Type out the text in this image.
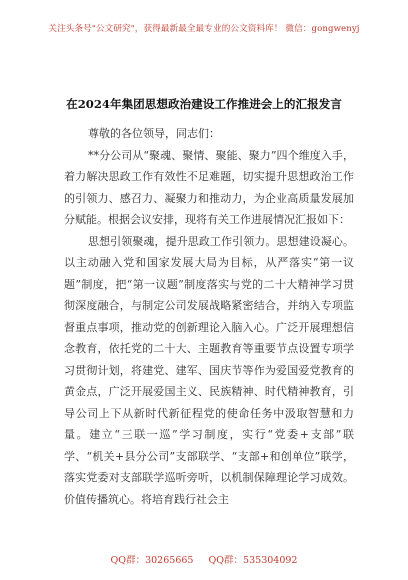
关注头条号"公文研究"，获得最新最全最专业的公文资料库！ 微信：gongwenyj
在2024年集团思想政治建设工作推进会上的汇报发言

尊敬的各位领导，同志们：

**分公司从“聚魂、聚情、聚能、聚力”四个维度入手，着力解决思政工作有效性不足难题，切实提升思想政治工作的引领力、感召力、凝聚力和推动力，为企业高质量发展加分赋能。根据会议安排，现将有关工作进展情况汇报如下：

思想引领聚魂，提升思政工作引领力。思想建设凝心。以主动融入党和国家发展大局为目标，从严落实“第一议题”制度，把“第一议题”制度落实与党的二十大精神学习贯彻深度融合，与制定公司发展战略紧密结合，并纳入专项监督重点事项，推动党的创新理论入脑入心。广泛开展理想信念教育，依托党的二十大、主题教育等重要节点设置专项学习贯彻计划，将建党、建军、国庆节等作为爱国爱党教育的黄金点，广泛开展爱国主义、民族精神、时代精神教育，引导公司上下从新时代新征程党的使命任务中汲取智慧和力量。建立“三联一巡”学习制度，实行“党委+支部”联学、“机关+县分公司”支部联学、“支部+和创单位”联学，落实党委对支部联学巡听旁听，以机制保障理论学习成效。价值传播筑心。将培育践行社会主

QQ群：30265665 QQ群：535304092
